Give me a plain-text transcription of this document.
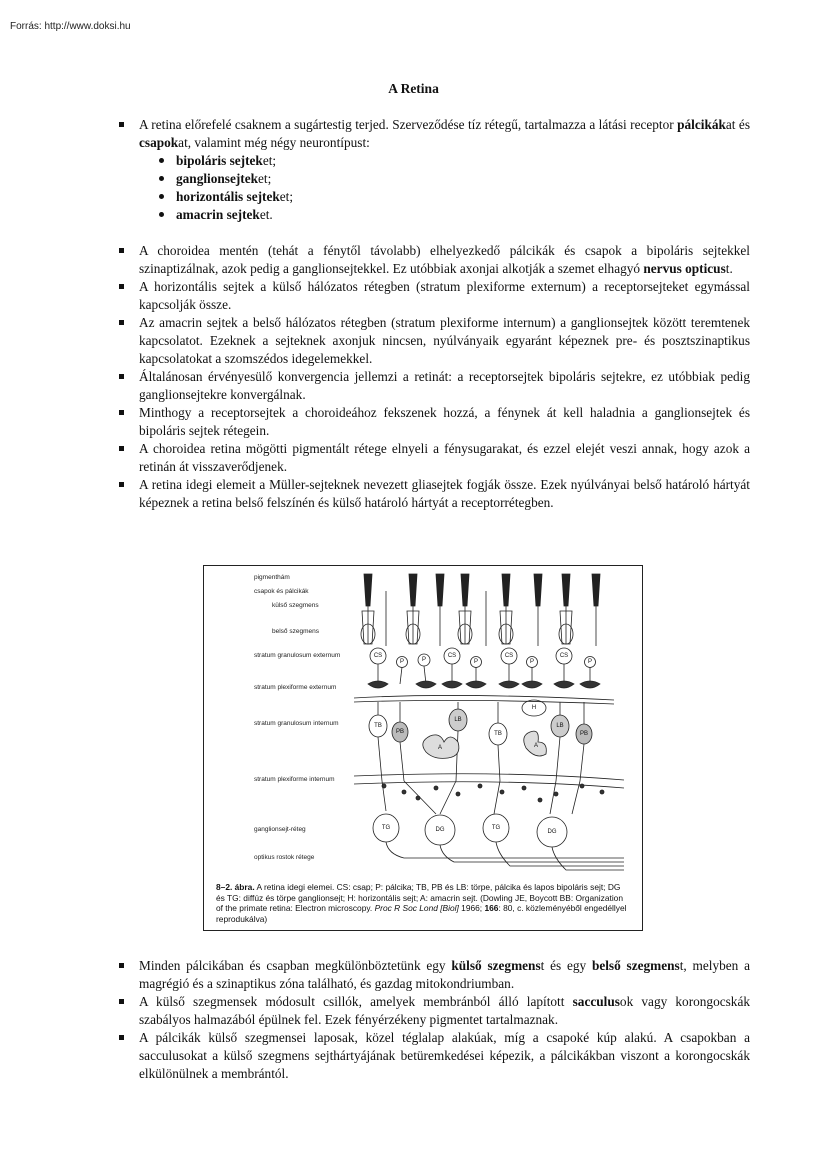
Forrás: http://www.doksi.hu
A Retina
A retina előrefelé csaknem a sugártestig terjed. Szerveződése tíz rétegű, tartalmazza a látási receptor pálcikákat és csapokat, valamint még négy neurontípust:
bipoláris sejteket;
ganglionsejteket;
horizontális sejteket;
amacrin sejteket.
A choroidea mentén (tehát a fénytől távolabb) elhelyezkedő pálcikák és csapok a bipoláris sejtekkel szinaptizálnak, azok pedig a ganglionsejtekkel. Ez utóbbiak axonjai alkotják a szemet elhagyó nervus opticust.
A horizontális sejtek a külső hálózatos rétegben (stratum plexiforme externum) a receptorsejteket egymással kapcsolják össze.
Az amacrin sejtek a belső hálózatos rétegben (stratum plexiforme internum) a ganglionsejtek között teremtenek kapcsolatot. Ezeknek a sejteknek axonjuk nincsen, nyúlványaik egyaránt képeznek pre- és posztszinaptikus kapcsolatokat a szomszédos idegelemekkel.
Általánosan érvényesülő konvergencia jellemzi a retinát: a receptorsejtek bipoláris sejtekre, ez utóbbiak pedig ganglionsejtekre konvergálnak.
Minthogy a receptorsejtek a choroideához fekszenek hozzá, a fénynek át kell haladnia a ganglionsejtek és bipoláris sejtek rétegein.
A choroidea retina mögötti pigmentált rétege elnyeli a fénysugarakat, és ezzel elejét veszi annak, hogy azok a retinán át visszaverődjenek.
A retina idegi elemeit a Müller-sejteknek nevezett gliasejtek fogják össze. Ezek nyúlványai belső határoló hártyát képeznek a retina belső felszínén és külső határoló hártyát a receptorrétegben.
pigmenthám
csapok és pálcikák
külső szegmens
belső szegmens
stratum granulosum externum
stratum plexiforme externum
stratum granulosum internum
stratum plexiforme internum
ganglionsejt-réteg
optikus rostok rétege
CS
P	P
CS
P
CS
P
CS
P
H
TB
PB
LB
TB
LB
PB
A	A
TG	DG	TG
DG
8–2. ábra. A retina idegi elemei. CS: csap; P: pálcika; TB, PB és LB: törpe, pálcika és lapos bipoláris sejt; DG és TG: diffúz és törpe ganglionsejt; H: horizontális sejt; A: amacrin sejt. (Dowling JE, Boycott BB: Organization of the primate retina: Electron microscopy. Proc R Soc Lond [Biol] 1966; 166: 80, c. közleményéből engedéllyel reprodukálva)
Minden pálcikában és csapban megkülönböztetünk egy külső szegmenst és egy belső szegmenst, melyben a magrégió és a szinaptikus zóna található, és gazdag mitokondriumban.
A külső szegmensek módosult csillók, amelyek membránból álló lapított sacculusok vagy korongocskák szabályos halmazából épülnek fel. Ezek fényérzékeny pigmentet tartalmaznak.
A pálcikák külső szegmensei laposak, közel téglalap alakúak, míg a csapoké kúp alakú. A csapokban a sacculusokat a külső szegmens sejthártyájának betüremkedései képezik, a pálcikákban viszont a korongocskák elkülönülnek a membrántól.
